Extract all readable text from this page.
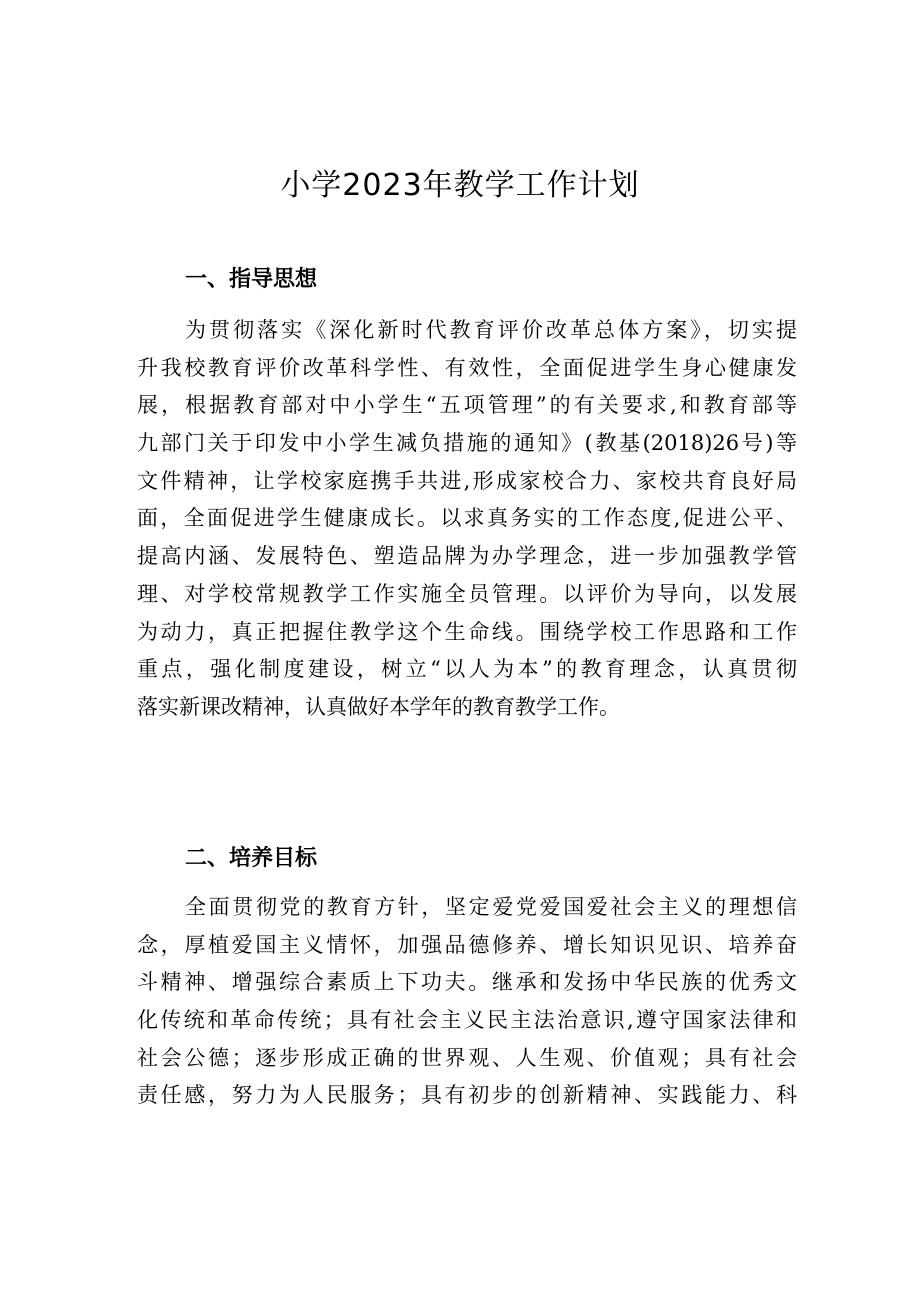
小学2023年教学工作计划
一、指导思想
为贯彻落实《深化新时代教育评价改革总体方案》，切实提
升我校教育评价改革科学性、有效性，全面促进学生身心健康发
展，根据教育部对中小学生“五项管理”的有关要求,和教育部等
九部门关于印发中小学生减负措施的通知》(教基(2018)26号)等
文件精神，让学校家庭携手共进,形成家校合力、家校共育良好局
面，全面促进学生健康成长。以求真务实的工作态度,促进公平、
提高内涵、发展特色、塑造品牌为办学理念，进一步加强教学管
理、对学校常规教学工作实施全员管理。以评价为导向，以发展
为动力，真正把握住教学这个生命线。围绕学校工作思路和工作
重点，强化制度建设，树立“以人为本”的教育理念，认真贯彻
落实新课改精神，认真做好本学年的教育教学工作。
二、培养目标
全面贯彻党的教育方针，坚定爱党爱国爱社会主义的理想信
念，厚植爱国主义情怀，加强品德修养、增长知识见识、培养奋
斗精神、增强综合素质上下功夫。继承和发扬中华民族的优秀文
化传统和革命传统；具有社会主义民主法治意识,遵守国家法律和
社会公德；逐步形成正确的世界观、人生观、价值观；具有社会
责任感，努力为人民服务；具有初步的创新精神、实践能力、科
